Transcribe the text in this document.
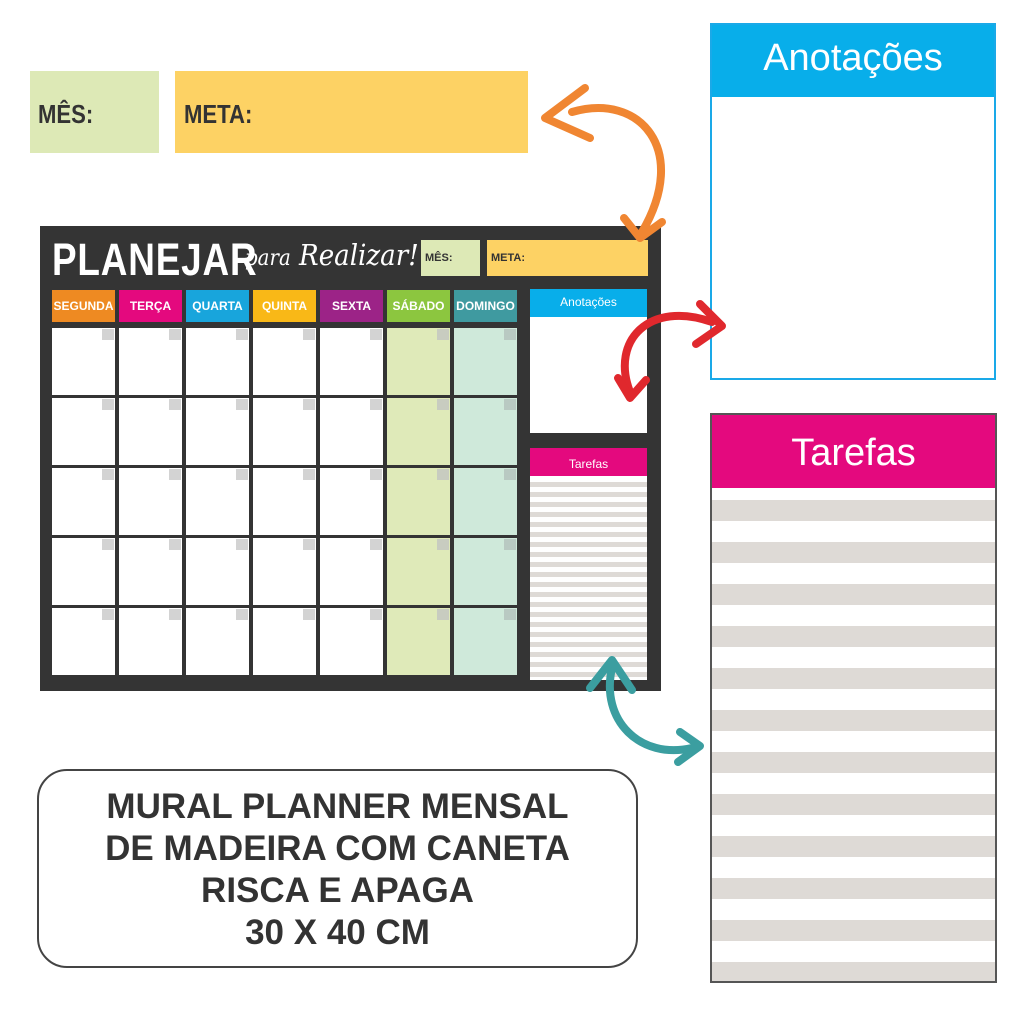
MÊS:	META:
Anotações
Tarefas
PLANEJAR
para Realizar! MÊS:	META:
Anotações
Tarefas
SEGUNDA	TERÇA	QUARTA	QUINTA	SEXTA	SÁBADO DOMINGO
MURAL PLANNER MENSAL
DE MADEIRA COM CANETA
RISCA E APAGA
30 X 40 CM
